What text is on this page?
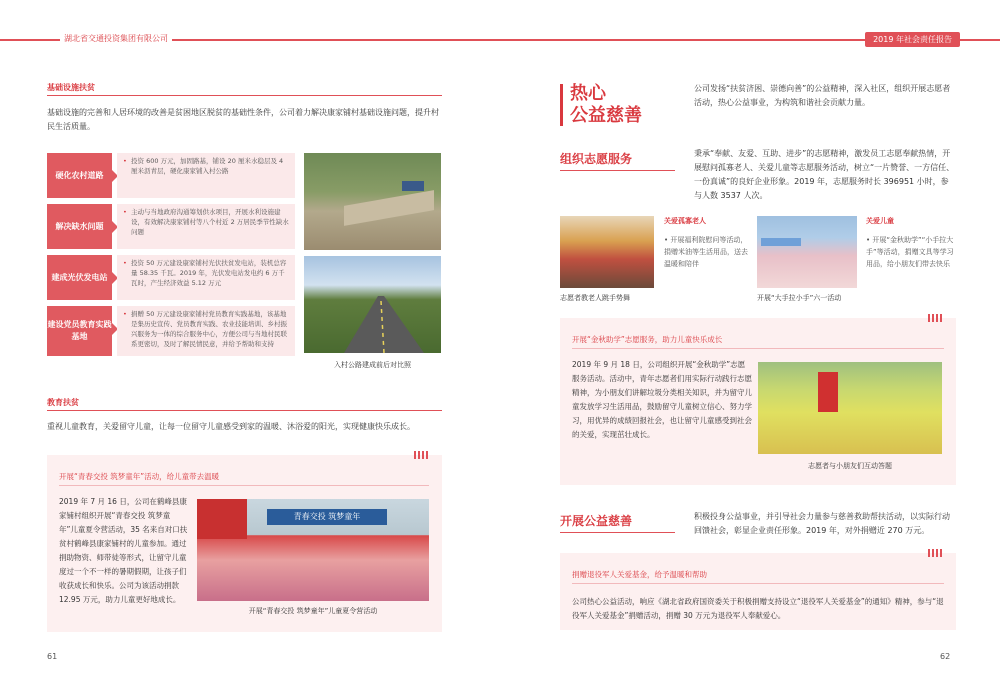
湖北省交通投资集团有限公司	2019 年社会责任报告
基础设施扶贫
基础设施的完善和人居环境的改善是贫困地区脱贫的基础性条件，公司着力解决康家铺村基础设施问题，提升村民生活质量。
硬化农村道路
• 投资 600 万元，加固路基，铺设 20 厘米水稳层及 4 厘米沥青层，硬化康家铺入村公路
解决缺水问题
• 主动与当地政府沟通筹划供水项目，开展水利设施建设，有效解决康家铺村等八个村近 2 万居民季节性缺水问题
建成光伏发电站
• 投资 50 万元建设康家铺村光伏扶贫发电站，装机总容量 58.35 千瓦。2019 年，光伏发电站发电约 6 万千瓦时，产生经济效益 5.12 万元
建设党员教育实践基地
• 捐赠 50 万元建设康家铺村党员教育实践基地，该基地是集历史宣传、党员教育实践、农业技能培训、乡村振兴服务为一体的综合服务中心，方便公司与当地村民联系更密切，及时了解民情民意，并给予帮助和支持
入村公路建成前后对比照
教育扶贫
重视儿童教育，关爱留守儿童，让每一位留守儿童感受到家的温暖、沐浴爱的阳光，实现健康快乐成长。
开展“青春交投 筑梦童年”活动，给儿童带去温暖
2019 年 7 月 16 日，公司在鹤峰县康家铺村组织开展“青春交投 筑梦童年”儿童夏令营活动，35 名来自对口扶贫村鹤峰县康家铺村的儿童参加。通过捐助物资、师带徒等形式，让留守儿童度过一个不一样的暑期假期，让孩子们收获成长和快乐。公司为该活动捐款 12.95 万元，助力儿童更好地成长。
青春交投 筑梦童年
开展“青春交投 筑梦童年”儿童夏令营活动
61
热心
公益慈善
公司发扬“扶贫济困、崇德向善”的公益精神，深入社区，组织开展志愿者活动，热心公益事业，为构筑和谐社会贡献力量。
组织志愿服务	秉承“奉献、友爱、互助、进步”的志愿精神，激发员工志愿奉献热情，开展慰问孤寡老人、关爱儿童等志愿服务活动，树立“一片赞誉、一方信任、一份真诚”的良好企业形象。2019 年，志愿服务时长 396951 小时，参与人数 3537 人次。
关爱孤寡老人
• 开展福利院慰问等活动，捐赠米油等生活用品，送去温暖和陪伴
志愿者教老人跳手势舞
关爱儿童
• 开展“金秋助学”“小手拉大手”等活动，捐赠文具等学习用品，给小朋友们带去快乐
开展“大手拉小手”六一活动
开展“金秋助学”志愿服务，助力儿童快乐成长
2019 年 9 月 18 日，公司组织开展“金秋助学”志愿服务活动。活动中，青年志愿者们用实际行动践行志愿精神，为小朋友们讲解垃圾分类相关知识，并为留守儿童发放学习生活用品，鼓励留守儿童树立信心、努力学习，用优异的成绩回报社会，也让留守儿童感受到社会的关爱，实现茁壮成长。
志愿者与小朋友们互动答题
开展公益慈善	积极投身公益事业，并引导社会力量参与慈善救助帮扶活动，以实际行动回馈社会，彰显企业责任形象。2019 年，对外捐赠近 270 万元。
捐赠退役军人关爱基金，给予温暖和帮助
公司热心公益活动，响应《湖北省政府国资委关于积极捐赠支持设立“退役军人关爱基金”的通知》精神，参与“退役军人关爱基金”捐赠活动，捐赠 30 万元为退役军人奉献爱心。
62
